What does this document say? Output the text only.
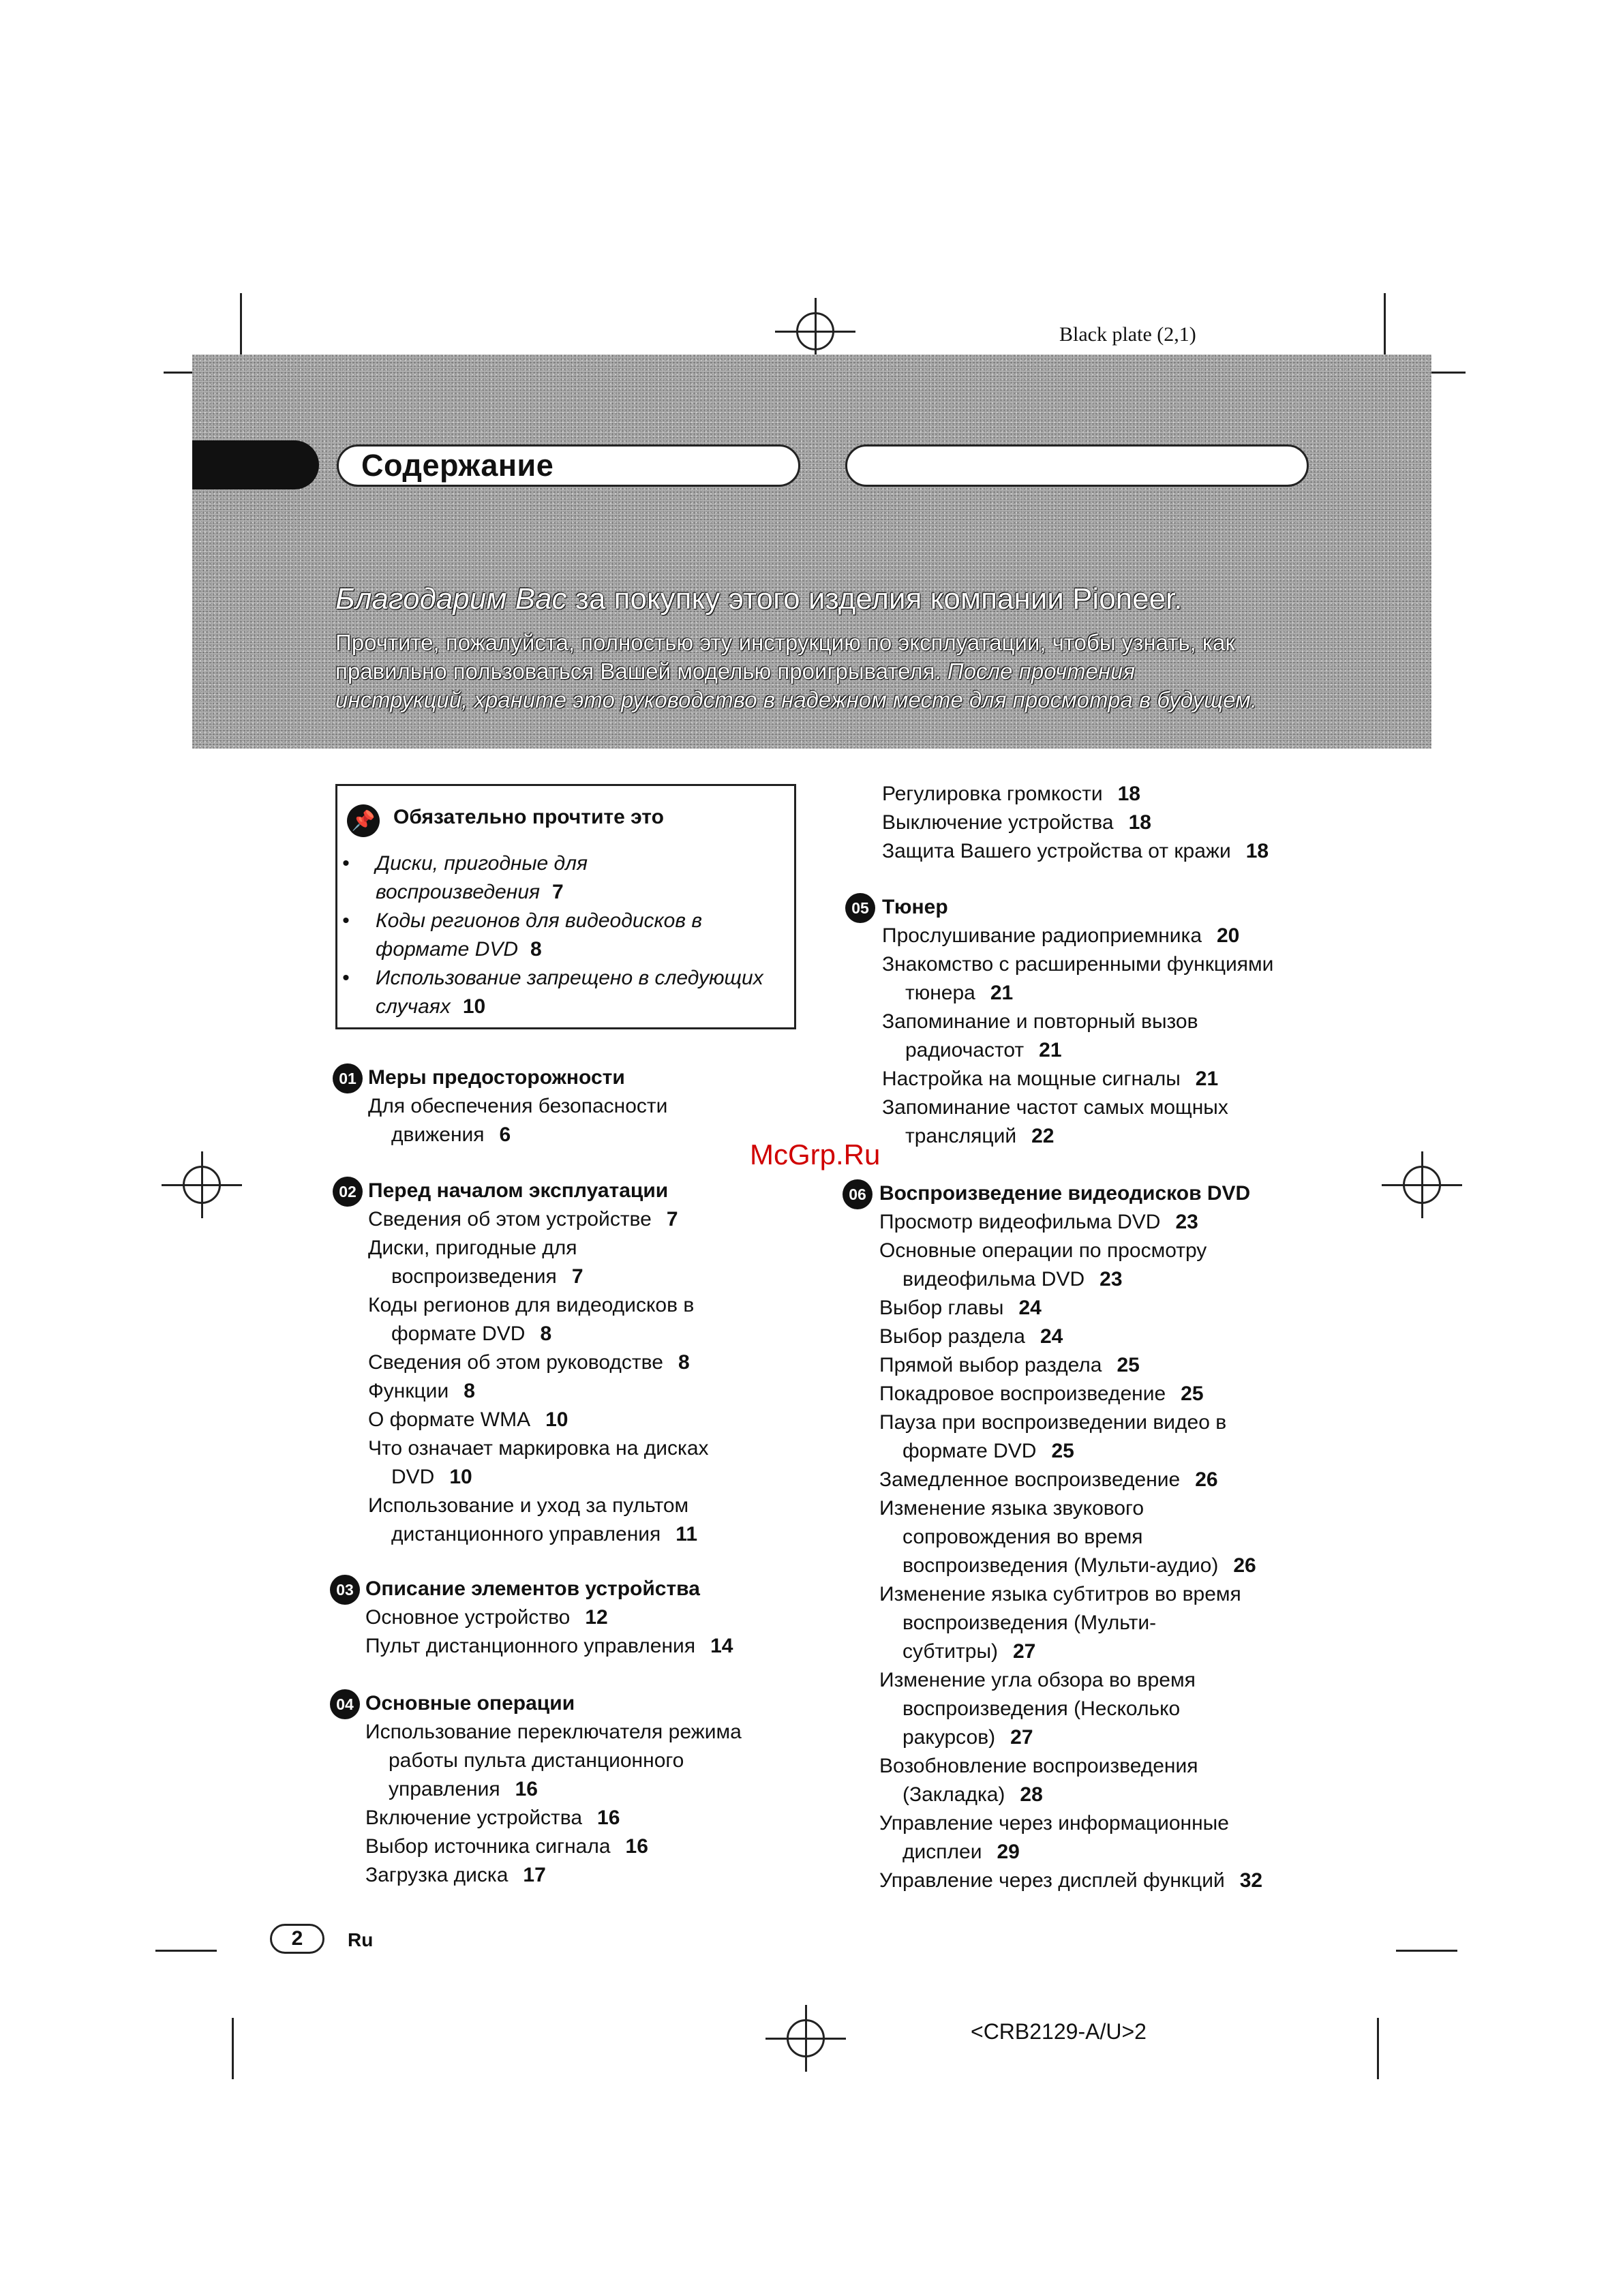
Black plate (2,1)
Содержание
Благодарим Вас за покупку этого изделия компании Pioneer.
Прочтите, пожалуйста, полностью эту инструкцию по эксплуатации, чтобы узнать, как
правильно пользоваться Вашей моделью проигрывателя. После прочтения
инструкций, храните это руководство в надежном месте для просмотра в будущем.
📌 Обязательно прочтите это
• Диски, пригодные для
воспроизведения 7
• Коды регионов для видеодисков в
формате DVD 8
• Использование запрещено в следующих
случаях 10
01 Меры предосторожности
Для обеспечения безопасности
движения 6
02 Перед началом эксплуатации
Сведения об этом устройстве 7
Диски, пригодные для
воспроизведения 7
Коды регионов для видеодисков в
формате DVD 8
Сведения об этом руководстве 8
Функции 8
О формате WMA 10
Что означает маркировка на дисках
DVD 10
Использование и уход за пультом
дистанционного управления 11
03 Описание элементов устройства
Основное устройство 12
Пульт дистанционного управления 14
04 Основные операции
Использование переключателя режима
работы пульта дистанционного
управления 16
Включение устройства 16
Выбор источника сигнала 16
Загрузка диска 17
Регулировка громкости 18
Выключение устройства 18
Защита Вашего устройства от кражи 18
05 Тюнер
Прослушивание радиоприемника 20
Знакомство с расширенными функциями
тюнера 21
Запоминание и повторный вызов
радиочастот 21
Настройка на мощные сигналы 21
Запоминание частот самых мощных
трансляций 22
06 Воспроизведение видеодисков DVD
Просмотр видеофильма DVD 23
Основные операции по просмотру
видеофильма DVD 23
Выбор главы 24
Выбор раздела 24
Прямой выбор раздела 25
Покадровое воспроизведение 25
Пауза при воспроизведении видео в
формате DVD 25
Замедленное воспроизведение 26
Изменение языка звукового
сопровождения во время
воспроизведения (Мульти-аудио) 26
Изменение языка субтитров во время
воспроизведения (Мульти-
субтитры) 27
Изменение угла обзора во время
воспроизведения (Несколько
ракурсов) 27
Возобновление воспроизведения
(Закладка) 28
Управление через информационные
дисплеи 29
Управление через дисплей функций 32
McGrp.Ru
2	Ru
<CRB2129-A/U>2
